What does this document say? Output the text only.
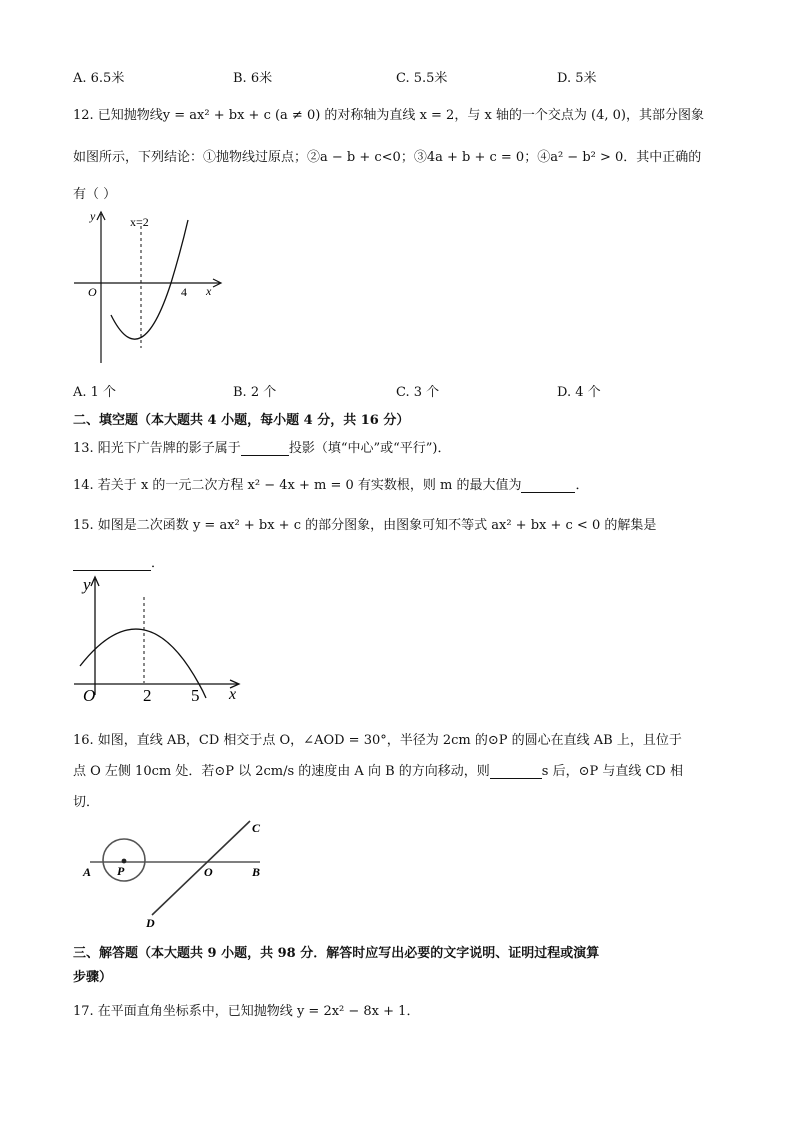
A. 6.5米	B. 6米	C. 5.5米	D. 5米
12. 已知抛物线y = ax² + bx + c (a ≠ 0) 的对称轴为直线 x = 2，与 x 轴的一个交点为 (4, 0)，其部分图象
如图所示，下列结论：①抛物线过原点；②a − b + c<0；③4a + b + c = 0；④a² − b² > 0．其中正确的
有（ ）
y	x=2
O	4 x
A. 1 个	B. 2 个	C. 3 个	D. 4 个
二、填空题（本大题共 4 小题，每小题 4 分，共 16 分）
13. 阳光下广告牌的影子属于	投影（填“中心”或“平行”)．
14. 若关于 x 的一元二次方程 x² − 4x + m = 0 有实数根，则 m 的最大值为	．
15. 如图是二次函数 y = ax² + bx + c 的部分图象，由图象可知不等式 ax² + bx + c < 0 的解集是
．
y
O	2 5 x
16. 如图，直线 AB，CD 相交于点 O，∠AOD = 30°，半径为 2cm 的⊙P 的圆心在直线 AB 上，且位于
点 O 左侧 10cm 处．若⊙P 以 2cm/s 的速度由 A 向 B 的方向移动，则	s 后，⊙P 与直线 CD 相
切．
A P	O	B
C
D
三、解答题（本大题共 9 小题，共 98 分．解答时应写出必要的文字说明、证明过程或演算
步骤）
17. 在平面直角坐标系中，已知抛物线 y = 2x² − 8x + 1．
